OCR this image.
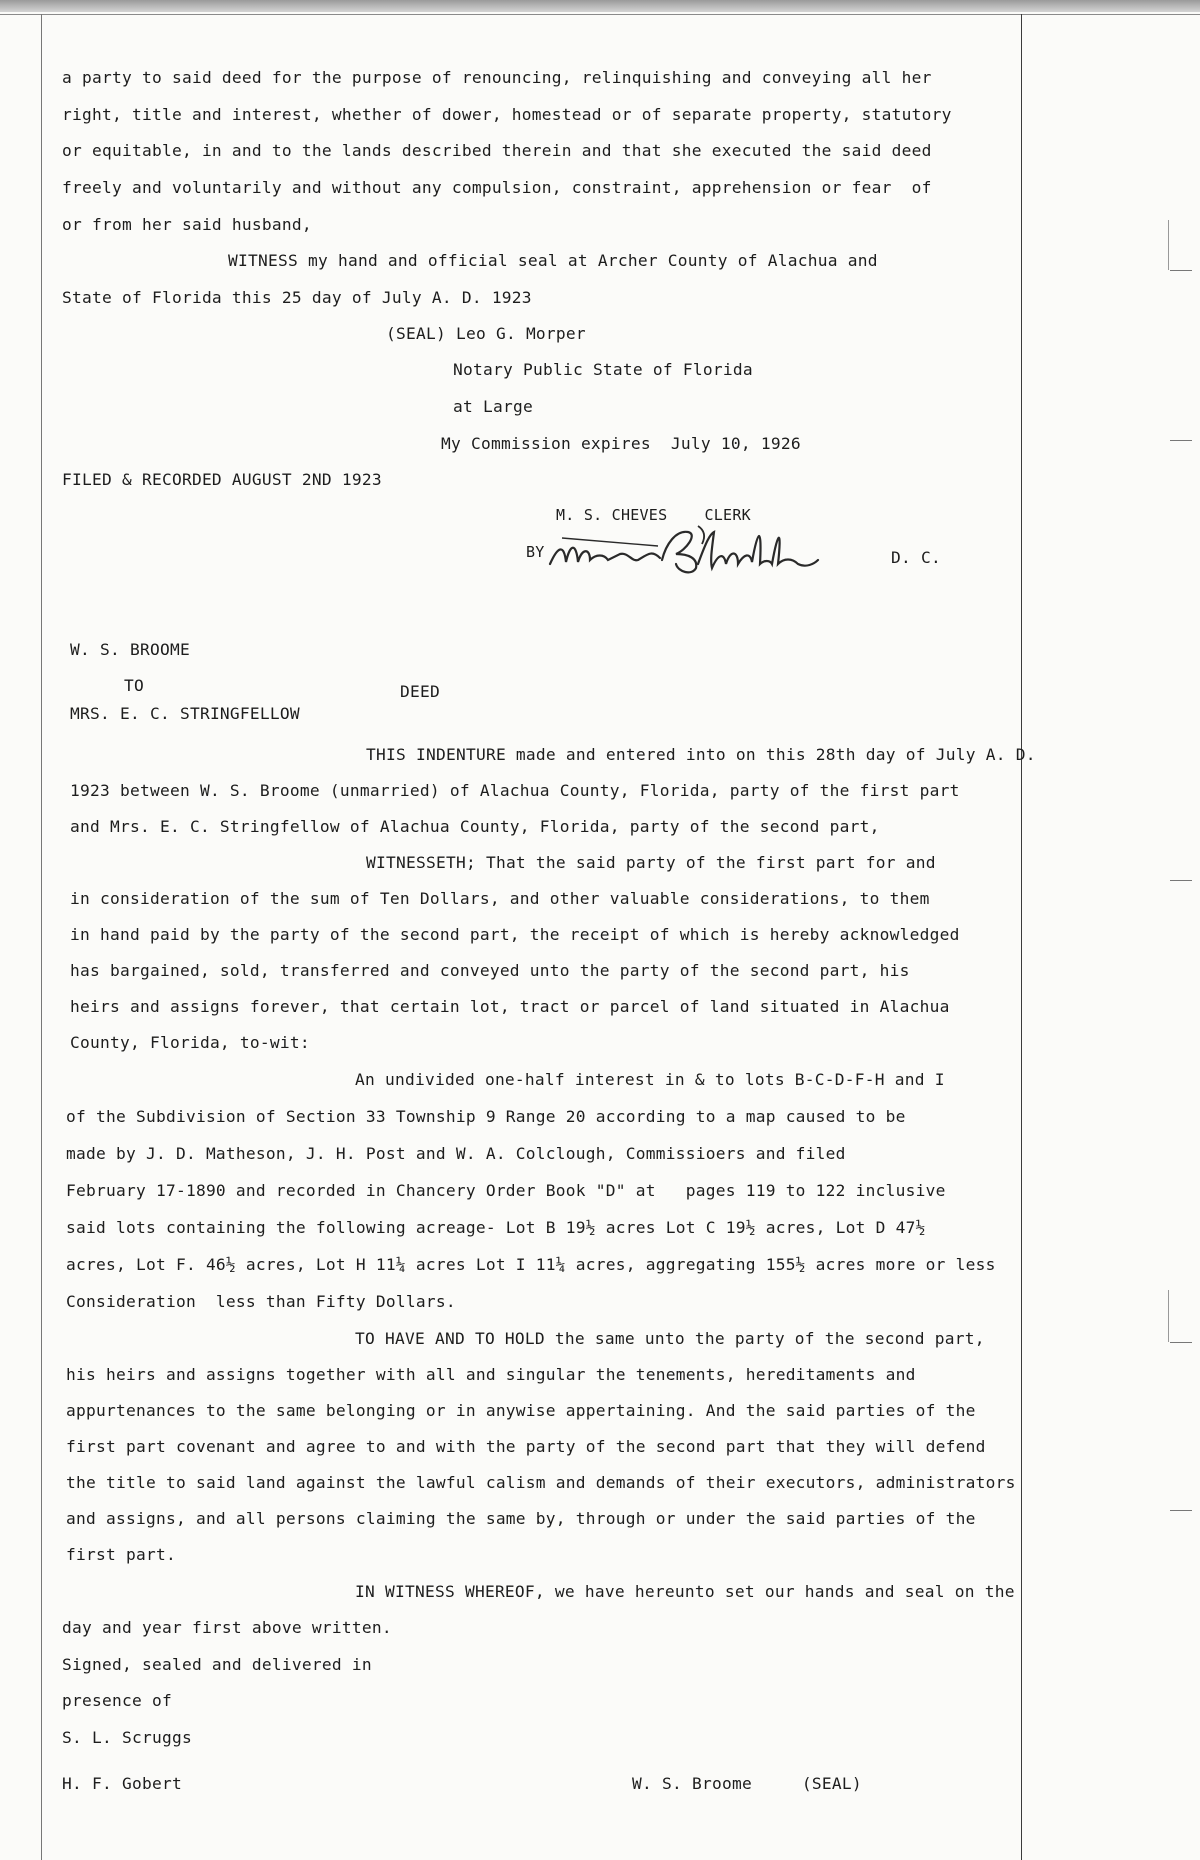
a party to said deed for the purpose of renouncing, relinquishing and conveying all her
right, title and interest, whether of dower, homestead or of separate property, statutory
or equitable, in and to the lands described therein and that she executed the said deed
freely and voluntarily and without any compulsion, constraint, apprehension or fear  of
or from her said husband,
WITNESS my hand and official seal at Archer County of Alachua and
State of Florida this 25 day of July A. D. 1923
(SEAL) Leo G. Morper
Notary Public State of Florida
at Large
My Commission expires  July 10, 1926
FILED & RECORDED AUGUST 2ND 1923
M. S. CHEVES    CLERK
BY	D. C.
W. S. BROOME
TO	DEED
MRS. E. C. STRINGFELLOW
THIS INDENTURE made and entered into on this 28th day of July A. D.
1923 between W. S. Broome (unmarried) of Alachua County, Florida, party of the first part
and Mrs. E. C. Stringfellow of Alachua County, Florida, party of the second part,
WITNESSETH; That the said party of the first part for and
in consideration of the sum of Ten Dollars, and other valuable considerations, to them
in hand paid by the party of the second part, the receipt of which is hereby acknowledged
has bargained, sold, transferred and conveyed unto the party of the second part, his
heirs and assigns forever, that certain lot, tract or parcel of land situated in Alachua
County, Florida, to-wit:
An undivided one-half interest in & to lots B-C-D-F-H and I
of the Subdivision of Section 33 Township 9 Range 20 according to a map caused to be
made by J. D. Matheson, J. H. Post and W. A. Colclough, Commissioers and filed
February 17-1890 and recorded in Chancery Order Book "D" at   pages 119 to 122 inclusive
said lots containing the following acreage- Lot B 19½ acres Lot C 19½ acres, Lot D 47½
acres, Lot F. 46½ acres, Lot H 11¼ acres Lot I 11¼ acres, aggregating 155½ acres more or less
Consideration  less than Fifty Dollars.
TO HAVE AND TO HOLD the same unto the party of the second part,
his heirs and assigns together with all and singular the tenements, hereditaments and
appurtenances to the same belonging or in anywise appertaining. And the said parties of the
first part covenant and agree to and with the party of the second part that they will defend
the title to said land against the lawful calism and demands of their executors, administrators
and assigns, and all persons claiming the same by, through or under the said parties of the
first part.
IN WITNESS WHEREOF, we have hereunto set our hands and seal on the
day and year first above written.
Signed, sealed and delivered in
presence of
S. L. Scruggs
H. F. Gobert	W. S. Broome     (SEAL)
